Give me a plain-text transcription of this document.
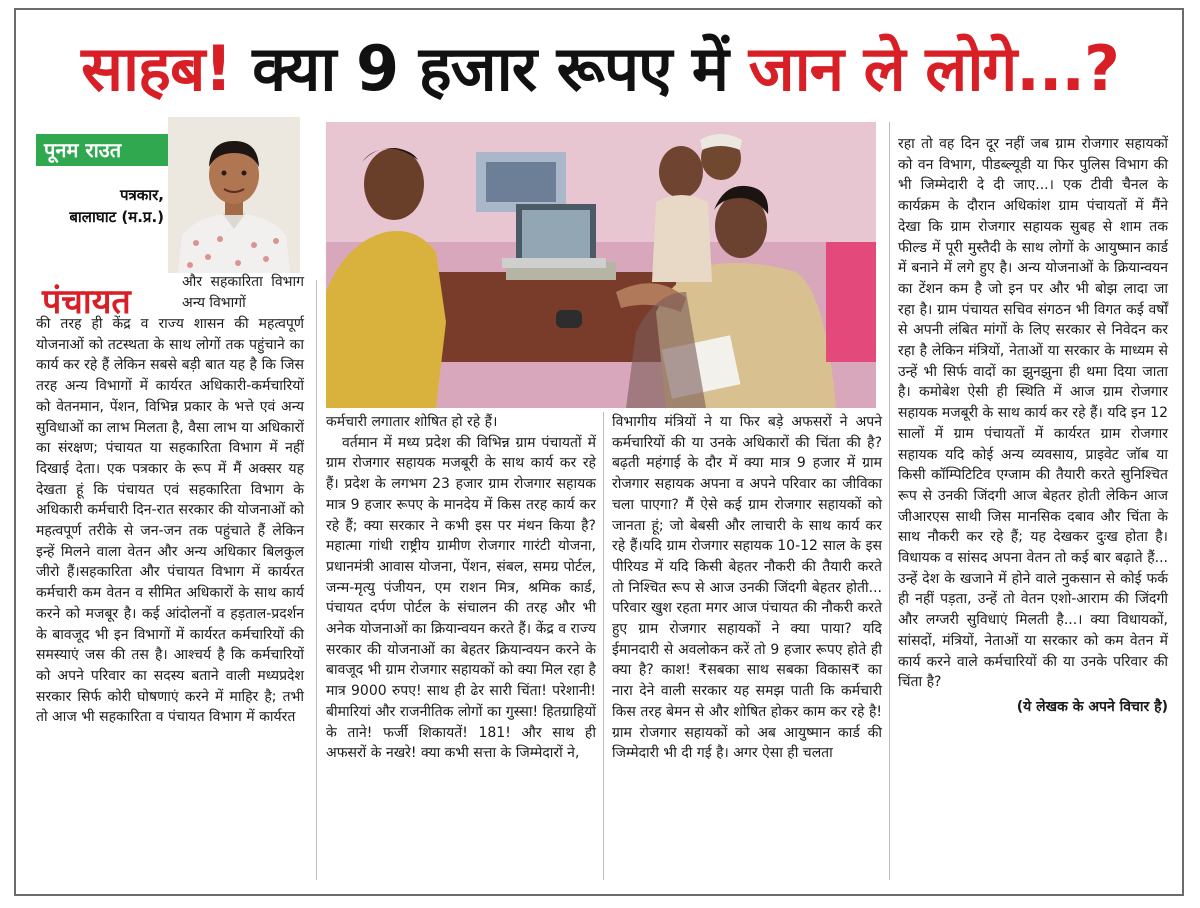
साहब! क्या 9 हजार रूपए में जान ले लोगे...?
पूनम राउत
पत्रकार,
बालाघाट (म.प्र.)
पंचायत	और सहकारिता विभाग अन्य विभागों

की तरह ही केंद्र व राज्य शासन की महत्वपूर्ण योजनाओं को तटस्थता के साथ लोगों तक पहुंचाने का कार्य कर रहे हैं लेकिन सबसे बड़ी बात यह है कि जिस तरह अन्य विभागों में कार्यरत अधिकारी-कर्मचारियों को वेतनमान, पेंशन, विभिन्न प्रकार के भत्ते एवं अन्य सुविधाओं का लाभ मिलता है, वैसा लाभ या अधिकारों का संरक्षण; पंचायत या सहकारिता विभाग में नहीं दिखाई देता। एक पत्रकार के रूप में मैं अक्सर यह देखता हूं कि पंचायत एवं सहकारिता विभाग के अधिकारी कर्मचारी दिन-रात सरकार की योजनाओं को महत्वपूर्ण तरीके से जन-जन तक पहुंचाते हैं लेकिन इन्हें मिलने वाला वेतन और अन्य अधिकार बिलकुल जीरो हैं।सहकारिता और पंचायत विभाग में कार्यरत कर्मचारी कम वेतन व सीमित अधिकारों के साथ कार्य करने को मजबूर है। कई आंदोलनों व हड़ताल-प्रदर्शन के बावजूद भी इन विभागों में कार्यरत कर्मचारियों की समस्याएं जस की तस है। आश्चर्य है कि कर्मचारियों को अपने परिवार का सदस्य बताने वाली मध्यप्रदेश सरकार सिर्फ कोरी घोषणाएं करने में माहिर है; तभी तो आज भी सहकारिता व पंचायत विभाग में कार्यरत

कर्मचारी लगातार शोषित हो रहे हैं।

वर्तमान में मध्य प्रदेश की विभिन्न ग्राम पंचायतों में ग्राम रोजगार सहायक मजबूरी के साथ कार्य कर रहे हैं। प्रदेश के लगभग 23 हजार ग्राम रोजगार सहायक मात्र 9 हजार रूपए के मानदेय में किस तरह कार्य कर रहे हैं; क्या सरकार ने कभी इस पर मंथन किया है? महात्मा गांधी राष्ट्रीय ग्रामीण रोजगार गारंटी योजना, प्रधानमंत्री आवास योजना, पेंशन, संबल, समग्र पोर्टल, जन्म-मृत्यु पंजीयन, एम राशन मित्र, श्रमिक कार्ड, पंचायत दर्पण पोर्टल के संचालन की तरह और भी अनेक योजनाओं का क्रियान्वयन करते हैं। केंद्र व राज्य सरकार की योजनाओं का बेहतर क्रियान्वयन करने के बावजूद भी ग्राम रोजगार सहायकों को क्या मिल रहा है मात्र 9000 रुपए! साथ ही ढेर सारी चिंता! परेशानी! बीमारियां और राजनीतिक लोगों का गुस्सा! हितग्राहियों के ताने! फर्जी शिकायतें! 181! और साथ ही अफसरों के नखरे! क्या कभी सत्ता के जिम्मेदारों ने,

विभागीय मंत्रियों ने या फिर बड़े अफसरों ने अपने कर्मचारियों की या उनके अधिकारों की चिंता की है? बढ़ती महंगाई के दौर में क्या मात्र 9 हजार में ग्राम रोजगार सहायक अपना व अपने परिवार का जीविका चला पाएगा? मैं ऐसे कई ग्राम रोजगार सहायकों को जानता हूं; जो बेबसी और लाचारी के साथ कार्य कर रहे हैं।यदि ग्राम रोजगार सहायक 10-12 साल के इस पीरियड में यदि किसी बेहतर नौकरी की तैयारी करते तो निश्चित रूप से आज उनकी जिंदगी बेहतर होती... परिवार खुश रहता मगर आज पंचायत की नौकरी करते हुए ग्राम रोजगार सहायकों ने क्या पाया? यदि ईमानदारी से अवलोकन करें तो 9 हजार रूपए होते ही क्या है? काश! ₹सबका साथ सबका विकास₹ का नारा देने वाली सरकार यह समझ पाती कि कर्मचारी किस तरह बेमन से और शोषित होकर काम कर रहे है! ग्राम रोजगार सहायकों को अब आयुष्मान कार्ड की जिम्मेदारी भी दी गई है। अगर ऐसा ही चलता

रहा तो वह दिन दूर नहीं जब ग्राम रोजगार सहायकों को वन विभाग, पीडब्ल्यूडी या फिर पुलिस विभाग की भी जिम्मेदारी दे दी जाए...। एक टीवी चैनल के कार्यक्रम के दौरान अधिकांश ग्राम पंचायतों में मैंने देखा कि ग्राम रोजगार सहायक सुबह से शाम तक फील्ड में पूरी मुस्तैदी के साथ लोगों के आयुष्मान कार्ड में बनाने में लगे हुए है। अन्य योजनाओं के क्रियान्वयन का टेंशन कम है जो इन पर और भी बोझ लादा जा रहा है। ग्राम पंचायत सचिव संगठन भी विगत कई वर्षों से अपनी लंबित मांगों के लिए सरकार से निवेदन कर रहा है लेकिन मंत्रियों, नेताओं या सरकार के माध्यम से उन्हें भी सिर्फ वादों का झुनझुना ही थमा दिया जाता है। कमोबेश ऐसी ही स्थिति में आज ग्राम रोजगार सहायक मजबूरी के साथ कार्य कर रहे हैं। यदि इन 12 सालों में ग्राम पंचायतों में कार्यरत ग्राम रोजगार सहायक यदि कोई अन्य व्यवसाय, प्राइवेट जॉब या किसी कॉम्पिटिटिव एग्जाम की तैयारी करते सुनिश्चित रूप से उनकी जिंदगी आज बेहतर होती लेकिन आज जीआरएस साथी जिस मानसिक दबाव और चिंता के साथ नौकरी कर रहे हैं; यह देखकर दुःख होता है। विधायक व सांसद अपना वेतन तो कई बार बढ़ाते हैं... उन्हें देश के खजाने में होने वाले नुकसान से कोई फर्क ही नहीं पड़ता, उन्हें तो वेतन एशो-आराम की जिंदगी और लग्जरी सुविधाएं मिलती है...। क्या विधायकों, सांसदों, मंत्रियों, नेताओं या सरकार को कम वेतन में कार्य करने वाले कर्मचारियों की या उनके परिवार की चिंता है?

(ये लेखक के अपने विचार है)
